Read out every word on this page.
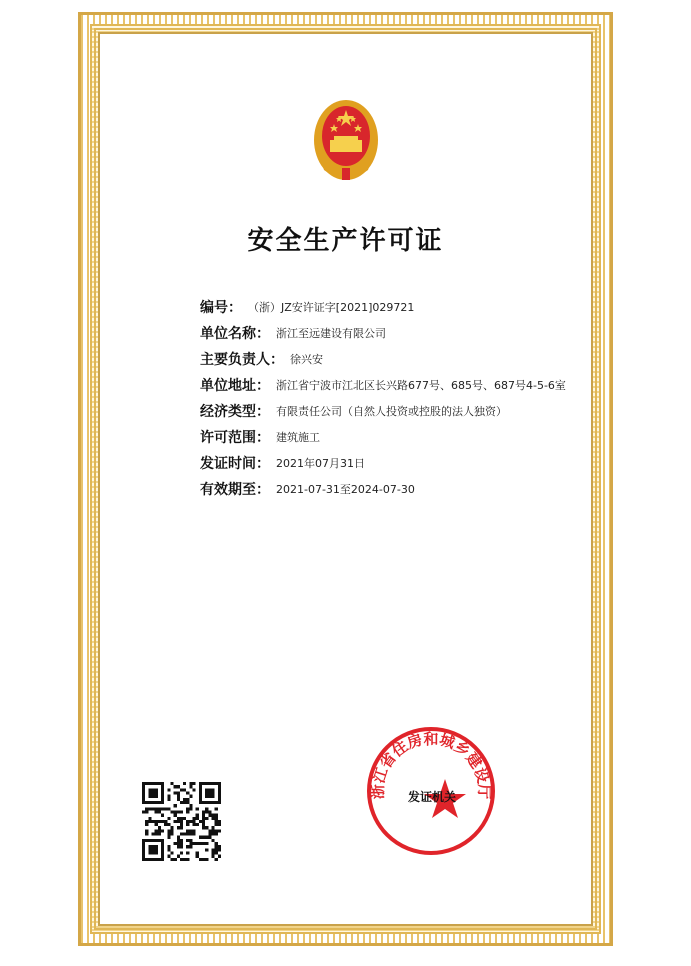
安全生产许可证
编号： （浙）JZ安许证字[2021]029721
单位名称： 浙江至远建设有限公司
主要负责人： 徐兴安
单位地址： 浙江省宁波市江北区长兴路677号、685号、687号4-5-6室
经济类型： 有限责任公司（自然人投资或控股的法人独资）
许可范围： 建筑施工
发证时间： 2021年07月31日
有效期至： 2021-07-31至2024-07-30
浙江省住房和城乡建设厅
发证机关
